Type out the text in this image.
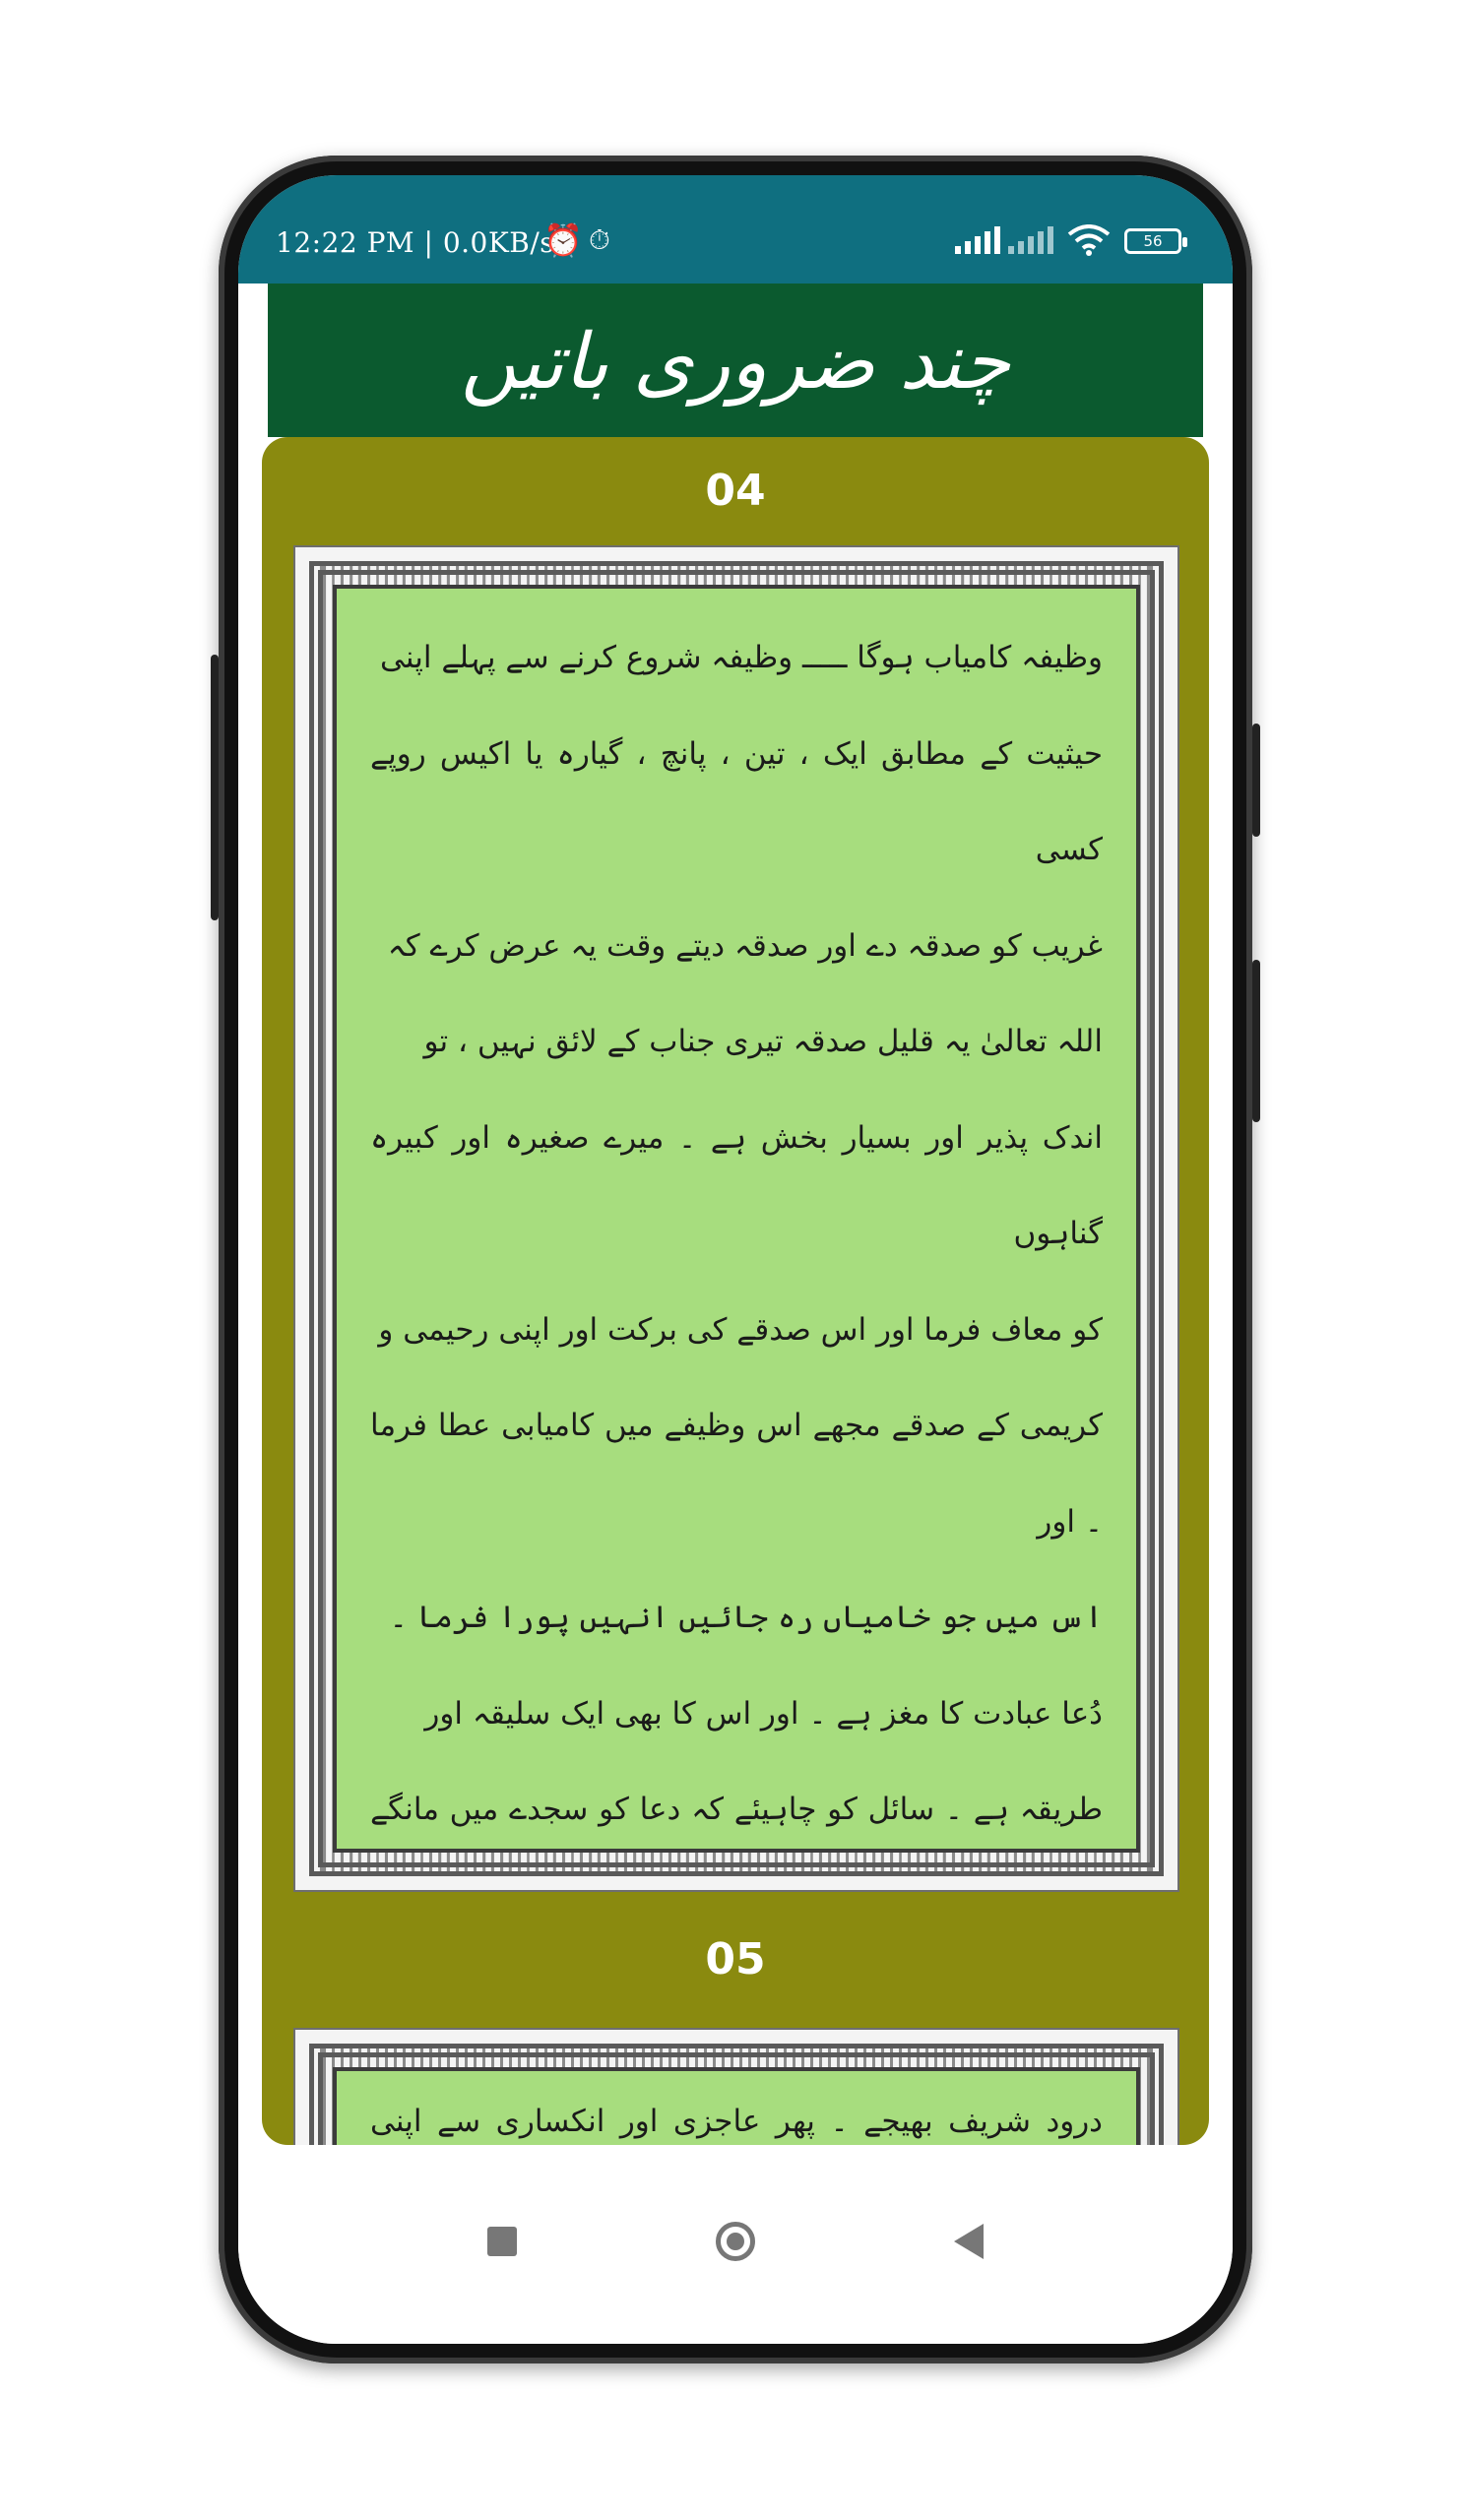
12:22 PM | 0.0KB/s
⏰ ⏱	56
چند ضروری باتیں
04

وظیفہ کامیاب ہوگا ـــــ وظیفہ شروع کرنے سے پہلے اپنی

حیثیت کے مطابق ایک ، تین ، پانچ ، گیارہ یا اکیس روپے کسی

غریب کو صدقہ دے اور صدقہ دیتے وقت یہ عرض کرے کہ

اللہ تعالیٰ یہ قلیل صدقہ تیری جناب کے لائق نہیں ، تو

اندک پذیر اور بسیار بخش ہے ۔ میرے صغیرہ اور کبیرہ گناہوں

کو معاف فرما اور اس صدقے کی برکت اور اپنی رحیمی و

کریمی کے صدقے مجھے اس وظیفے میں کامیابی عطا فرما ۔ اور

اس میں جو خامیاں رہ جائیں انہیں پورا فرما ۔

دُعا عبادت کا مغز ہے ۔ اور اس کا بھی ایک سلیقہ اور

طریقہ ہے ۔ سائل کو چاہیئے کہ دعا کو سجدے میں مانگے

05

درود شریف بھیجے ۔ پھر عاجزی اور انکساری سے اپنی
